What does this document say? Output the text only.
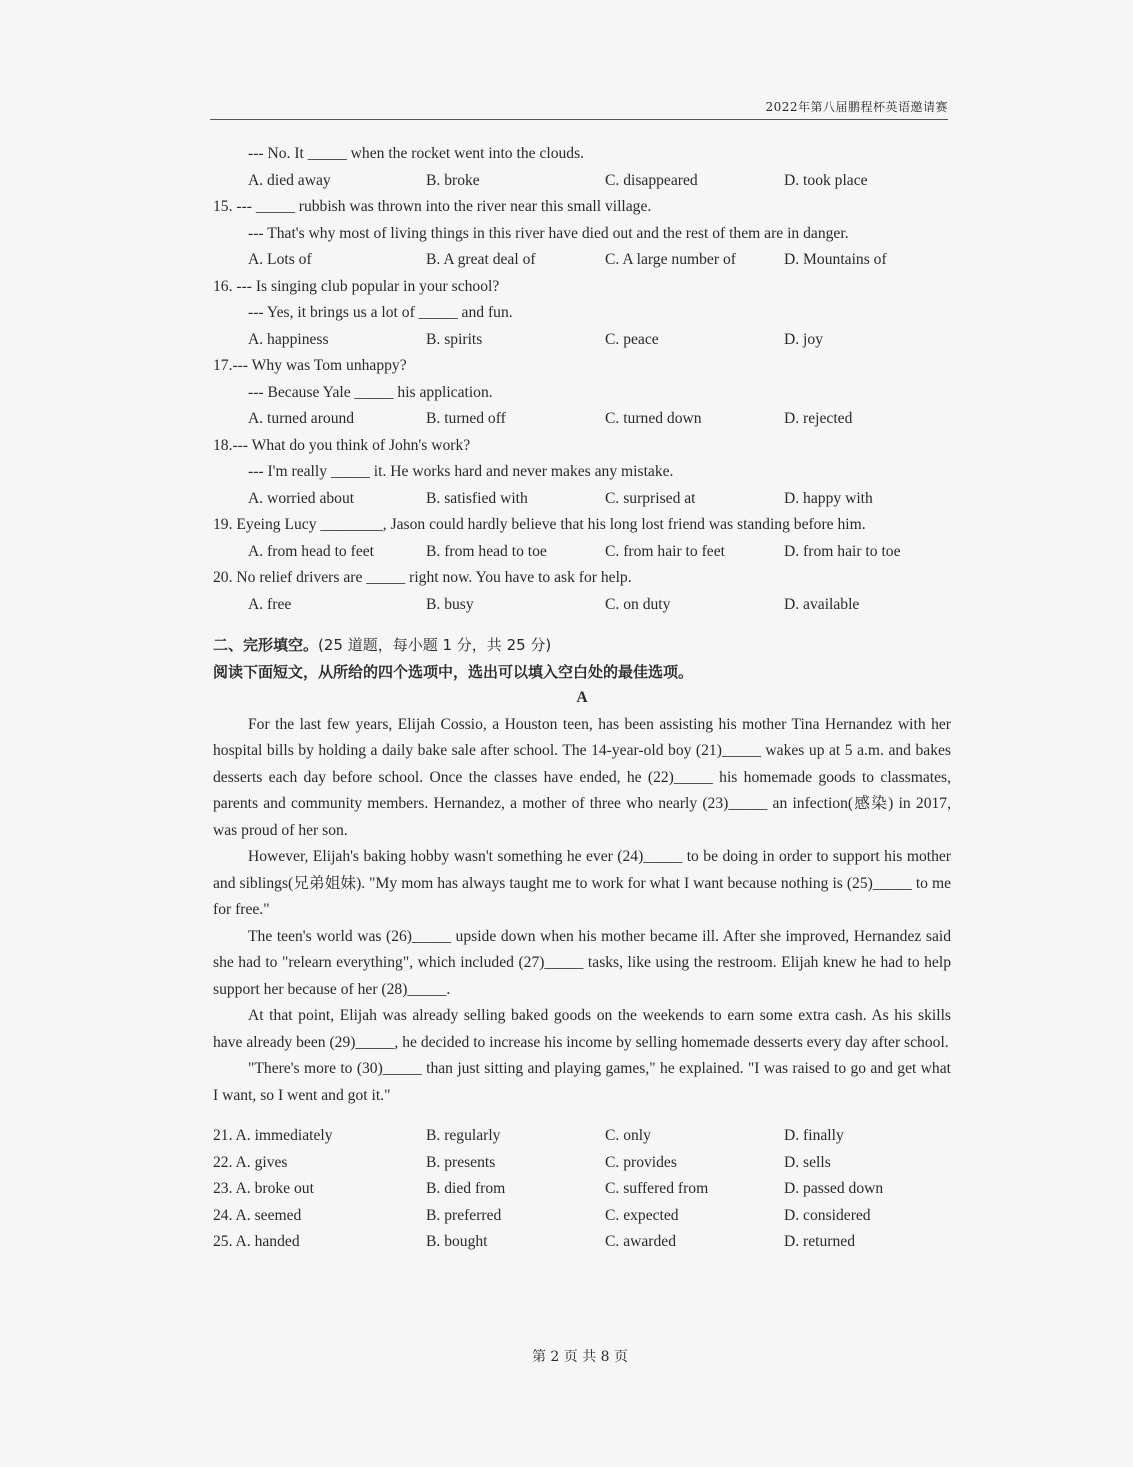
2022年第八届鹏程杯英语邀请赛
--- No. It _____ when the rocket went into the clouds.
A. died away	B. broke	C. disappeared	D. took place
15. --- _____ rubbish was thrown into the river near this small village.
--- That's why most of living things in this river have died out and the rest of them are in danger.
A. Lots of	B. A great deal of	C. A large number of	D. Mountains of
16. --- Is singing club popular in your school?
--- Yes, it brings us a lot of _____ and fun.
A. happiness	B. spirits	C. peace	D. joy
17.--- Why was Tom unhappy?
--- Because Yale _____ his application.
A. turned around	B. turned off	C. turned down	D. rejected
18.--- What do you think of John's work?
--- I'm really _____ it. He works hard and never makes any mistake.
A. worried about	B. satisfied with	C. surprised at	D. happy with
19. Eyeing Lucy ________, Jason could hardly believe that his long lost friend was standing before him.
A. from head to feet	B. from head to toe	C. from hair to feet	D. from hair to toe
20. No relief drivers are _____ right now. You have to ask for help.
A. free	B. busy	C. on duty	D. available
二、完形填空。(25 道题，每小题 1 分，共 25 分)
阅读下面短文，从所给的四个选项中，选出可以填入空白处的最佳选项。
A
For the last few years, Elijah Cossio, a Houston teen, has been assisting his mother Tina Hernandez with her hospital bills by holding a daily bake sale after school. The 14-year-old boy (21)_____ wakes up at 5 a.m. and bakes desserts each day before school. Once the classes have ended, he (22)_____ his homemade goods to classmates, parents and community members. Hernandez, a mother of three who nearly (23)_____ an infection(感染) in 2017, was proud of her son.
However, Elijah's baking hobby wasn't something he ever (24)_____ to be doing in order to support his mother and siblings(兄弟姐妹). "My mom has always taught me to work for what I want because nothing is (25)_____ to me for free."
The teen's world was (26)_____ upside down when his mother became ill. After she improved, Hernandez said she had to "relearn everything", which included (27)_____ tasks, like using the restroom. Elijah knew he had to help support her because of her (28)_____.
At that point, Elijah was already selling baked goods on the weekends to earn some extra cash. As his skills have already been (29)_____, he decided to increase his income by selling homemade desserts every day after school.
"There's more to (30)_____ than just sitting and playing games," he explained. "I was raised to go and get what I want, so I went and got it."
21. A. immediately	B. regularly	C. only	D. finally
22. A. gives	B. presents	C. provides	D. sells
23. A. broke out	B. died from	C. suffered from	D. passed down
24. A. seemed	B. preferred	C. expected	D. considered
25. A. handed	B. bought	C. awarded	D. returned
第 2 页 共 8 页
